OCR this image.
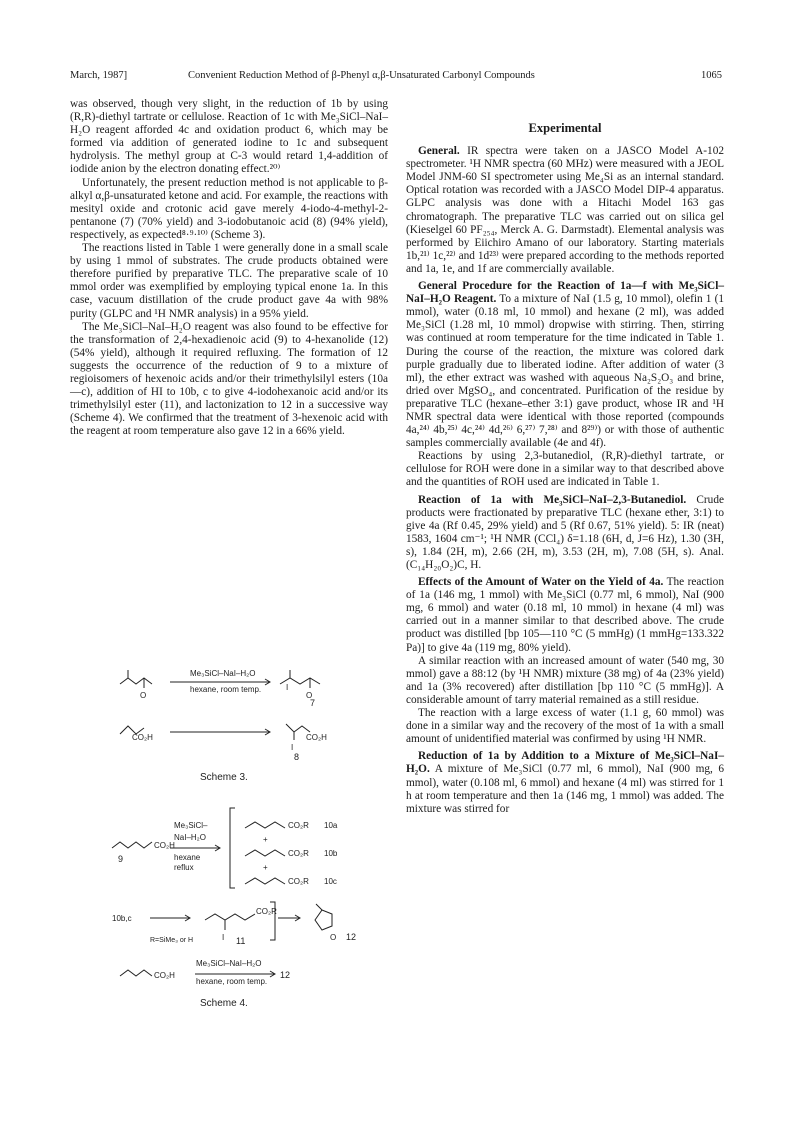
March, 1987]	Convenient Reduction Method of β-Phenyl α,β-Unsaturated Carbonyl Compounds	1065

was observed, though very slight, in the reduction of 1b by using (R,R)-diethyl tartrate or cellulose. Reaction of 1c with Me₃SiCl–NaI–H₂O reagent afforded 4c and oxidation product 6, which may be formed via addition of generated iodine to 1c and subsequent hydrolysis. The methyl group at C-3 would retard 1,4-addition of iodide anion by the electron donating effect.²⁰⁾

Unfortunately, the present reduction method is not applicable to β-alkyl α,β-unsaturated ketone and acid. For example, the reactions with mesityl oxide and crotonic acid gave merely 4-iodo-4-methyl-2-pentanone (7) (70% yield) and 3-iodobutanoic acid (8) (94% yield), respectively, as expected⁸·⁹·¹⁰⁾ (Scheme 3).

The reactions listed in Table 1 were generally done in a small scale by using 1 mmol of substrates. The crude products obtained were therefore purified by preparative TLC. The preparative scale of 10 mmol order was exemplified by employing typical enone 1a. In this case, vacuum distillation of the crude product gave 4a with 98% purity (GLPC and ¹H NMR analysis) in a 95% yield.

The Me₃SiCl–NaI–H₂O reagent was also found to be effective for the transformation of 2,4-hexadienoic acid (9) to 4-hexanolide (12) (54% yield), although it required refluxing. The formation of 12 suggests the occurrence of the reduction of 9 to a mixture of regioisomers of hexenoic acids and/or their trimethylsilyl esters (10a—c), addition of HI to 10b, c to give 4-iodohexanoic acid and/or its trimethylsilyl ester (11), and lactonization to 12 in a successive way (Scheme 4). We confirmed that the treatment of 3-hexenoic acid with the reagent at room temperature also gave 12 in a 66% yield.

Me₃SiCl–NaI–H₂O
hexane, room temp.
O
I
O
7
CO₂H
I
CO₂H
8
Scheme 3.
CO₂H
9
Me₃SiCl–
NaI–H₂O
hexane
reflux
CO₂R 10a
+
CO₂R 10b
+
CO₂R 10c
10b,c
CO₂R
I
R=SiMe₃ or H	11	O 12
CO₂H
Me₃SiCl–NaI–H₂O
hexane, room temp.
12
Scheme 4.
Experimental

General. IR spectra were taken on a JASCO Model A-102 spectrometer. ¹H NMR spectra (60 MHz) were measured with a JEOL Model JNM-60 SI spectrometer using Me₄Si as an internal standard. Optical rotation was recorded with a JASCO Model DIP-4 apparatus. GLPC analysis was done with a Hitachi Model 163 gas chromatograph. The preparative TLC was carried out on silica gel (Kieselgel 60 PF₂₅₄, Merck A. G. Darmstadt). Elemental analysis was performed by Eiichiro Amano of our laboratory. Starting materials 1b,²¹⁾ 1c,²²⁾ and 1d²³⁾ were prepared according to the methods reported and 1a, 1e, and 1f are commercially available.

General Procedure for the Reaction of 1a—f with Me₃SiCl–NaI–H₂O Reagent. To a mixture of NaI (1.5 g, 10 mmol), olefin 1 (1 mmol), water (0.18 ml, 10 mmol) and hexane (2 ml), was added Me₃SiCl (1.28 ml, 10 mmol) dropwise with stirring. Then, stirring was continued at room temperature for the time indicated in Table 1. During the course of the reaction, the mixture was colored dark purple gradually due to liberated iodine. After addition of water (3 ml), the ether extract was washed with aqueous Na₂S₂O₃ and brine, dried over MgSO₄, and concentrated. Purification of the residue by preparative TLC (hexane–ether 3:1) gave product, whose IR and ¹H NMR spectral data were identical with those reported (compounds 4a,²⁴⁾ 4b,²⁵⁾ 4c,²⁴⁾ 4d,²⁶⁾ 6,²⁷⁾ 7,²⁸⁾ and 8²⁹⁾) or with those of authentic samples commercially available (4e and 4f).

Reactions by using 2,3-butanediol, (R,R)-diethyl tartrate, or cellulose for ROH were done in a similar way to that described above and the quantities of ROH used are indicated in Table 1.

Reaction of 1a with Me₃SiCl–NaI–2,3-Butanediol. Crude products were fractionated by preparative TLC (hexane ether, 3:1) to give 4a (Rf 0.45, 29% yield) and 5 (Rf 0.67, 51% yield). 5: IR (neat) 1583, 1604 cm⁻¹; ¹H NMR (CCl₄) δ=1.18 (6H, d, J=6 Hz), 1.30 (3H, s), 1.84 (2H, m), 2.66 (2H, m), 3.53 (2H, m), 7.08 (5H, s). Anal. (C₁₄H₂₀O₂)C, H.

Effects of the Amount of Water on the Yield of 4a. The reaction of 1a (146 mg, 1 mmol) with Me₃SiCl (0.77 ml, 6 mmol), NaI (900 mg, 6 mmol) and water (0.18 ml, 10 mmol) in hexane (4 ml) was carried out in a manner similar to that described above. The crude product was distilled [bp 105—110 °C (5 mmHg) (1 mmHg=133.322 Pa)] to give 4a (119 mg, 80% yield).

A similar reaction with an increased amount of water (540 mg, 30 mmol) gave a 88:12 (by ¹H NMR) mixture (38 mg) of 4a (23% yield) and 1a (3% recovered) after distillation [bp 110 °C (5 mmHg)]. A considerable amount of tarry material remained as a still residue.

The reaction with a large excess of water (1.1 g, 60 mmol) was done in a similar way and the recovery of the most of 1a with a small amount of unidentified material was confirmed by using ¹H NMR.

Reduction of 1a by Addition to a Mixture of Me₃SiCl–NaI–H₂O. A mixture of Me₃SiCl (0.77 ml, 6 mmol), NaI (900 mg, 6 mmol), water (0.108 ml, 6 mmol) and hexane (4 ml) was stirred for 1 h at room temperature and then 1a (146 mg, 1 mmol) was added. The mixture was stirred for
